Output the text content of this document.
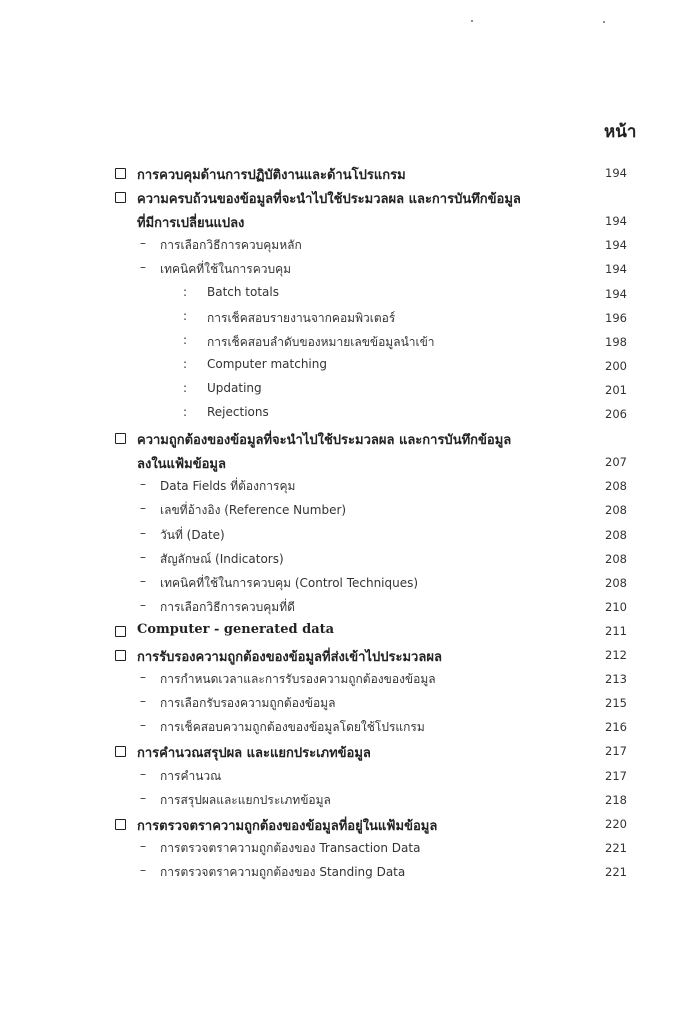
หน้า
การควบคุมด้านการปฏิบัติงานและด้านโปรแกรม	194
ความครบถ้วนของข้อมูลที่จะนำไปใช้ประมวลผล และการบันทึกข้อมูล
ที่มีการเปลี่ยนแปลง	194
– การเลือกวิธีการควบคุมหลัก	194
– เทคนิคที่ใช้ในการควบคุม	194
: Batch totals	194
: การเช็คสอบรายงานจากคอมพิวเตอร์	196
: การเช็คสอบลำดับของหมายเลขข้อมูลนำเข้า	198
: Computer matching	200
: Updating	201
: Rejections	206
ความถูกต้องของข้อมูลที่จะนำไปใช้ประมวลผล และการบันทึกข้อมูล
ลงในแฟ้มข้อมูล	207
– Data Fields ที่ต้องการคุม	208
– เลขที่อ้างอิง (Reference Number)	208
– วันที่ (Date)	208
– สัญลักษณ์ (Indicators)	208
– เทคนิคที่ใช้ในการควบคุม (Control Techniques)	208
– การเลือกวิธีการควบคุมที่ดี	210
Computer - generated data	211
การรับรองความถูกต้องของข้อมูลที่ส่งเข้าไปประมวลผล	212
– การกำหนดเวลาและการรับรองความถูกต้องของข้อมูล	213
– การเลือกรับรองความถูกต้องข้อมูล	215
– การเช็คสอบความถูกต้องของข้อมูลโดยใช้โปรแกรม	216
การคำนวณสรุปผล และแยกประเภทข้อมูล	217
– การคำนวณ	217
– การสรุปผลและแยกประเภทข้อมูล	218
การตรวจตราความถูกต้องของข้อมูลที่อยู่ในแฟ้มข้อมูล	220
– การตรวจตราความถูกต้องของ Transaction Data	221
– การตรวจตราความถูกต้องของ Standing Data	221
